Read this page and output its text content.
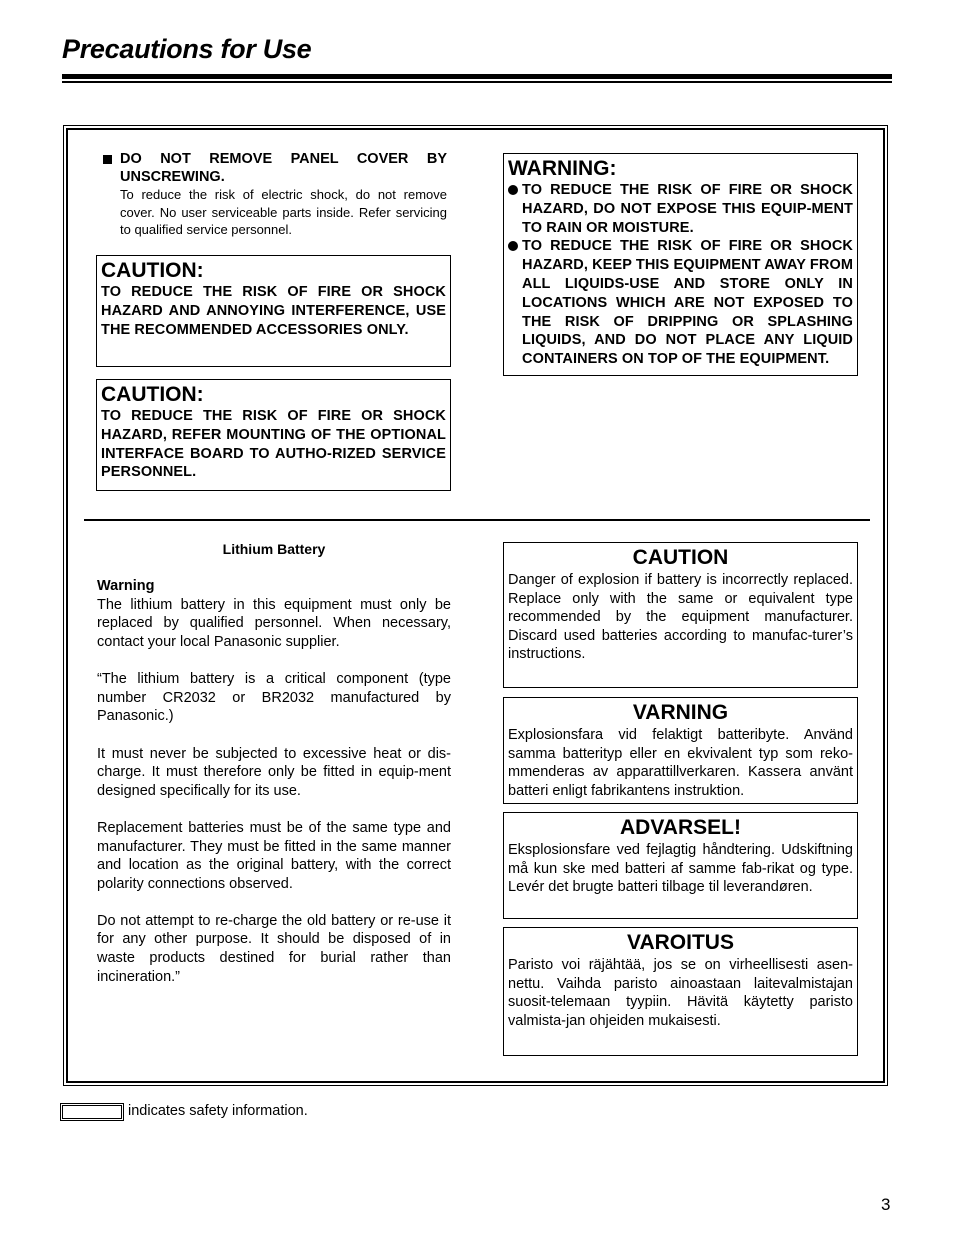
Precautions for Use
DO NOT REMOVE PANEL COVER BY UNSCREWING.
To reduce the risk of electric shock, do not remove cover. No user serviceable parts inside. Refer servicing to qualified service personnel.
CAUTION:
TO REDUCE THE RISK OF FIRE OR SHOCK HAZARD AND ANNOYING INTERFERENCE, USE THE RECOMMENDED ACCESSORIES ONLY.
CAUTION:
TO REDUCE THE RISK OF FIRE OR SHOCK HAZARD, REFER MOUNTING OF THE OPTIONAL INTERFACE BOARD TO AUTHO-RIZED SERVICE PERSONNEL.
WARNING:
TO REDUCE THE RISK OF FIRE OR SHOCK HAZARD, DO NOT EXPOSE THIS EQUIP-MENT TO RAIN OR MOISTURE.
TO REDUCE THE RISK OF FIRE OR SHOCK HAZARD, KEEP THIS EQUIPMENT AWAY FROM ALL LIQUIDS-USE AND STORE ONLY IN LOCATIONS WHICH ARE NOT EXPOSED TO THE RISK OF DRIPPING OR SPLASHING LIQUIDS, AND DO NOT PLACE ANY LIQUID CONTAINERS ON TOP OF THE EQUIPMENT.
Lithium Battery
Warning

The lithium battery in this equipment must only be replaced by qualified personnel. When necessary, contact your local Panasonic supplier.

“The lithium battery is a critical component (type number CR2032 or BR2032 manufactured by Panasonic.)

It must never be subjected to excessive heat or dis-charge. It must therefore only be fitted in equip-ment designed specifically for its use.

Replacement batteries must be of the same type and manufacturer. They must be fitted in the same manner and location as the original battery, with the correct polarity connections observed.

Do not attempt to re-charge the old battery or re-use it for any other purpose. It should be disposed of in waste products destined for burial rather than incineration.”

CAUTION
Danger of explosion if battery is incorrectly replaced. Replace only with the same or equivalent type recommended by the equipment manufacturer. Discard used batteries according to manufac-turer’s instructions.
VARNING
Explosionsfara vid felaktigt batteribyte. Använd samma batterityp eller en ekvivalent typ som reko-mmenderas av apparattillverkaren. Kassera använt batteri enligt fabrikantens instruktion.
ADVARSEL!
Eksplosionsfare ved fejlagtig håndtering. Udskiftning må kun ske med batteri af samme fab-rikat og type. Levér det brugte batteri tilbage til leverandøren.
VAROITUS
Paristo voi räjähtää, jos se on virheellisesti asen-nettu. Vaihda paristo ainoastaan laitevalmistajan suosit-telemaan tyypiin. Hävitä käytetty paristo valmista-jan ohjeiden mukaisesti.
indicates safety information.
3
